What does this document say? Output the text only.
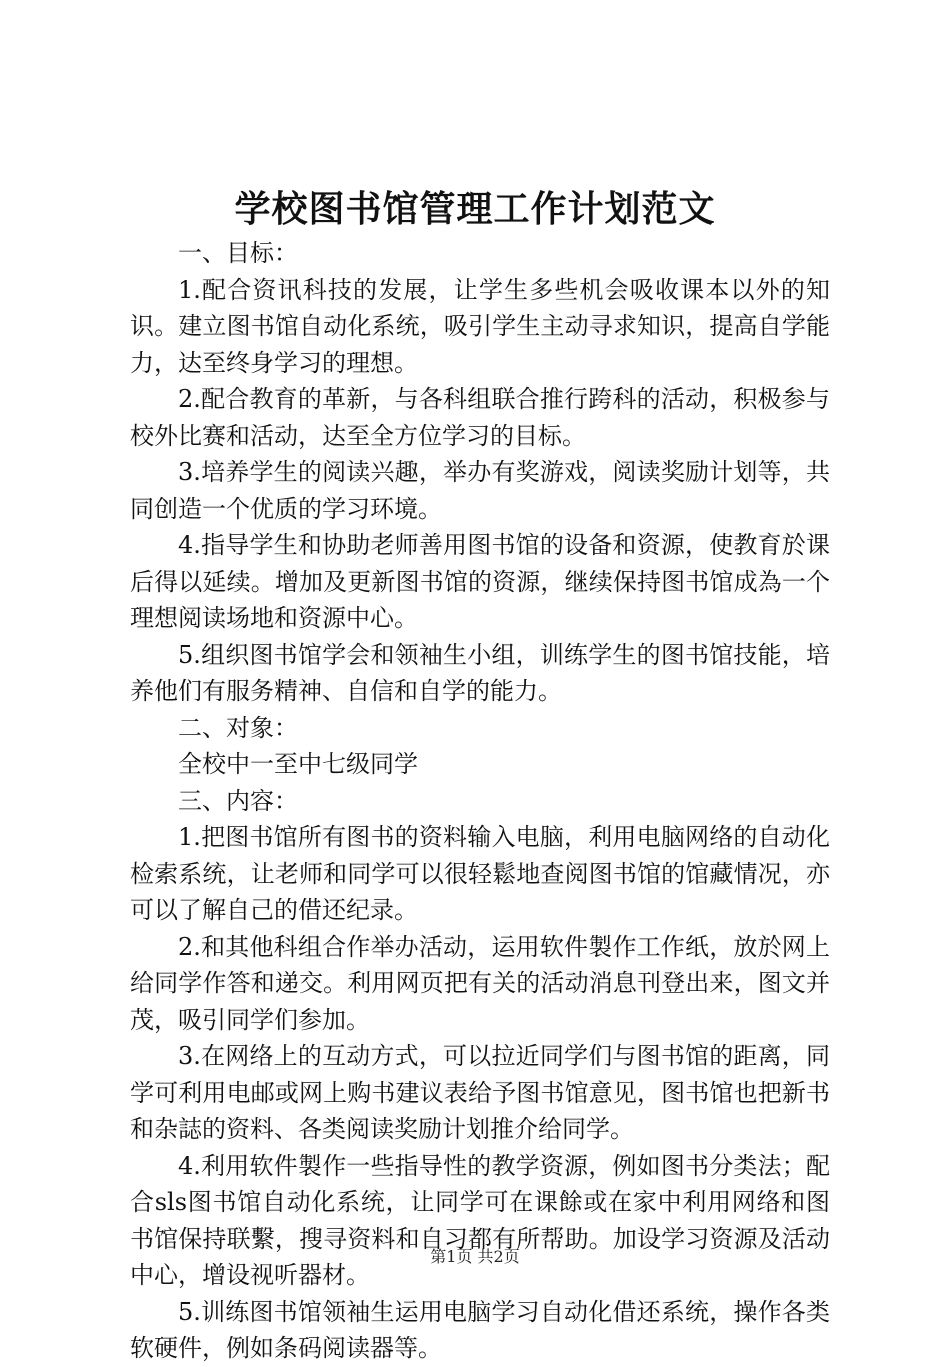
学校图书馆管理工作计划范文

一、目标：

1.配合资讯科技的发展，让学生多些机会吸收课本以外的知识。建立图书馆自动化系统，吸引学生主动寻求知识，提高自学能力，达至终身学习的理想。

2.配合教育的革新，与各科组联合推行跨科的活动，积极参与校外比赛和活动，达至全方位学习的目标。

3.培养学生的阅读兴趣，举办有奖游戏，阅读奖励计划等，共同创造一个优质的学习环境。

4.指导学生和协助老师善用图书馆的设备和资源，使教育於课后得以延续。增加及更新图书馆的资源，继续保持图书馆成為一个理想阅读场地和资源中心。

5.组织图书馆学会和领袖生小组，训练学生的图书馆技能，培养他们有服务精神、自信和自学的能力。

二、对象：

全校中一至中七级同学

三、内容：

1.把图书馆所有图书的资料输入电脑，利用电脑网络的自动化检索系统，让老师和同学可以很轻鬆地查阅图书馆的馆藏情况，亦可以了解自己的借还纪录。

2.和其他科组合作举办活动，运用软件製作工作纸，放於网上给同学作答和递交。利用网页把有关的活动消息刊登出来，图文并茂，吸引同学们参加。

3.在网络上的互动方式，可以拉近同学们与图书馆的距离，同学可利用电邮或网上购书建议表给予图书馆意见，图书馆也把新书和杂誌的资料、各类阅读奖励计划推介给同学。

4.利用软件製作一些指导性的教学资源，例如图书分类法；配合sls图书馆自动化系统，让同学可在课餘或在家中利用网络和图书馆保持联繫，搜寻资料和自习都有所帮助。加设学习资源及活动中心，增设视听器材。

5.训练图书馆领袖生运用电脑学习自动化借还系统，操作各类软硬件，例如条码阅读器等。

第1页 共2页
